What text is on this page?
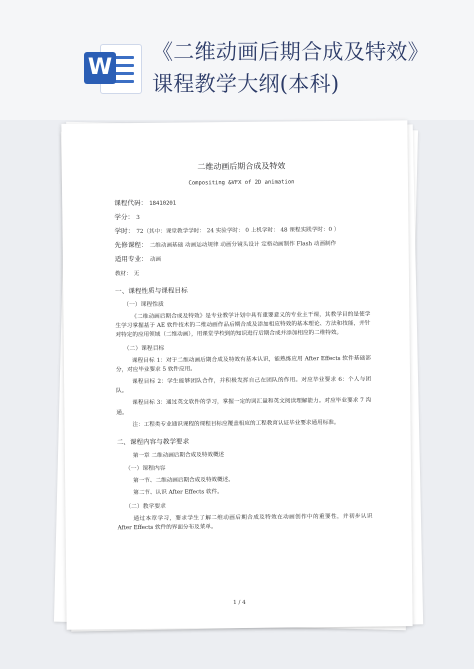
W
《二维动画后期合成及特效》
课程教学大纲(本科)
二维动画后期合成及特效
Compositing &VFX of 2D animation
课程代码： 18410201
学分： 3
学时： 72（其中：课堂教学学时： 24 实验学时： 0 上机学时： 48 课程实践学时：0 ）
先修课程： 二维动画基础 动画运动规律 动画分镜头设计 定格动画制作 Flash 动画制作
适用专业： 动画
教材： 无
一、课程性质与课程目标
（一）课程性质

《二维动画后期合成及特效》是专业教学计划中具有重要意义的专业主干课，其教学目的是使学生学习掌握基于 AE 软件技术的二维动画作品后期合成及添加相应特效的基本理论、方法和技能，并针对特定的应用领域（二维动画），用课堂学校到的知识进行后期合成并添加相应的二维特效。

（二）课程目标

课程目标 1：对于二维动画后期合成及特效有基本认识，能熟练应用 After Effects 软件基础部分，对应毕业要求 5 软件应用。

课程目标 2：学生能够团队合作，并积极发挥自己在团队的作用。对应毕业要求 6：个人与团队。

课程目标 3：通过英文软件的学习，掌握一定的词汇量和英文阅读理解能力。对应毕业要求 7 沟通。

注：工程类专业通识课程的课程目标应覆盖相应的工程教育认证毕业要求通用标准。

二、课程内容与教学要求

第一章 二维动画后期合成及特效概述

（一）课程内容

第一节、二维动画后期合成及特效概述。

第二节、认识 After Effects 软件。

（二）教学要求

通过本章学习，要求学生了解二维动画后期合成及特效在动画创作中的重要性，并初步认识 After Effects 软件的界面分布及菜单。

1 / 4
